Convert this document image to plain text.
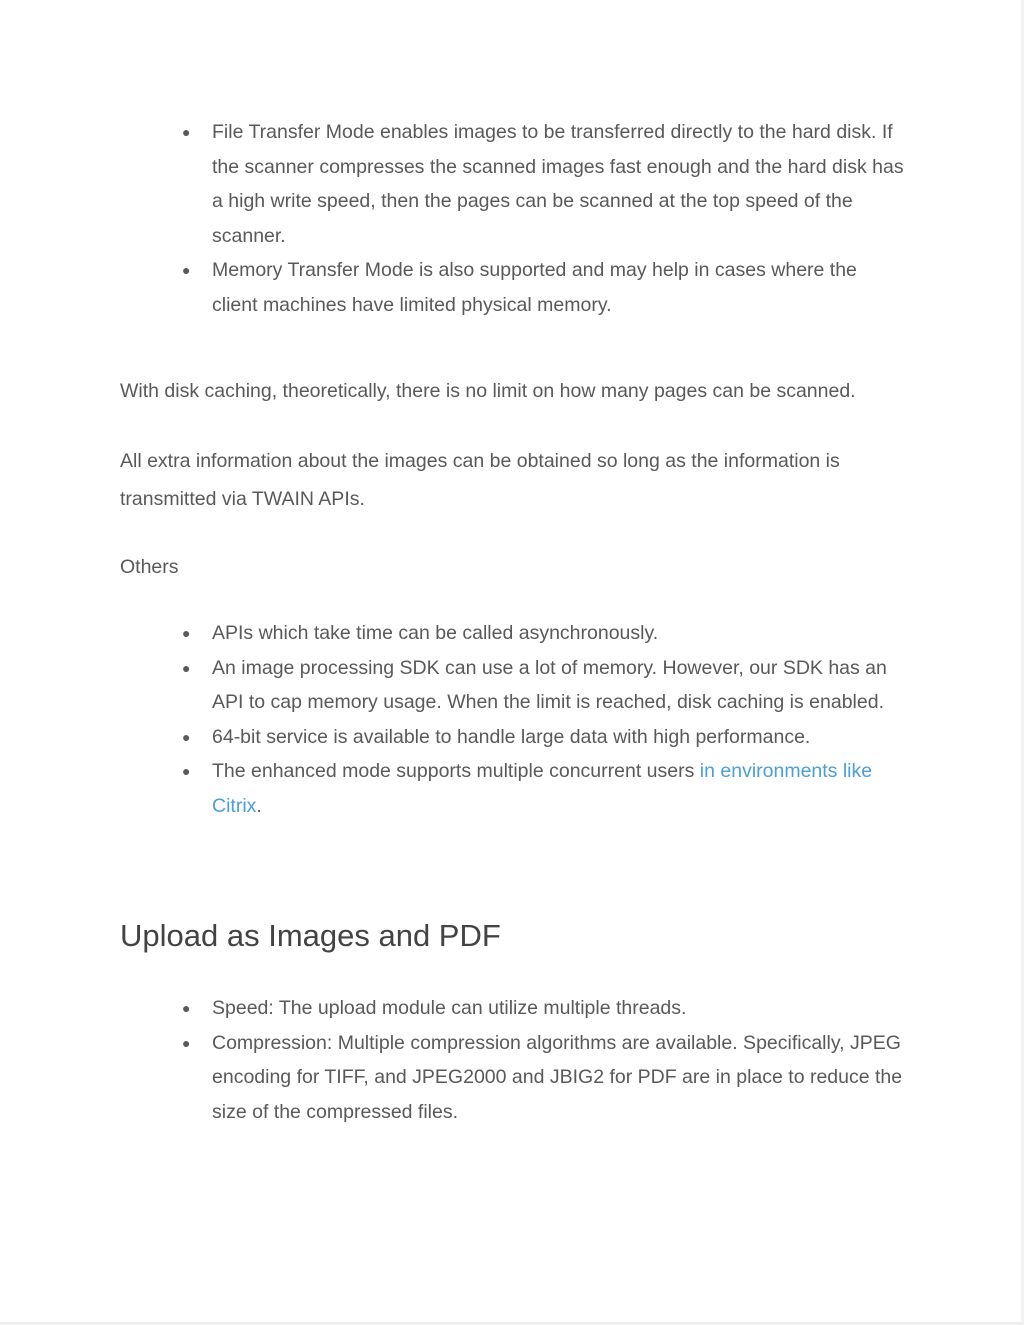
● File Transfer Mode enables images to be transferred directly to the hard disk. If the scanner compresses the scanned images fast enough and the hard disk has a high write speed, then the pages can be scanned at the top speed of the scanner.
● Memory Transfer Mode is also supported and may help in cases where the client machines have limited physical memory.

With disk caching, theoretically, there is no limit on how many pages can be scanned.

All extra information about the images can be obtained so long as the information is transmitted via TWAIN APIs.

Others

● APIs which take time can be called asynchronously.
● An image processing SDK can use a lot of memory. However, our SDK has an API to cap memory usage. When the limit is reached, disk caching is enabled.
● 64-bit service is available to handle large data with high performance.
● The enhanced mode supports multiple concurrent users in environments like Citrix.
Upload as Images and PDF
● Speed: The upload module can utilize multiple threads.
● Compression: Multiple compression algorithms are available. Specifically, JPEG encoding for TIFF, and JPEG2000 and JBIG2 for PDF are in place to reduce the size of the compressed files.
